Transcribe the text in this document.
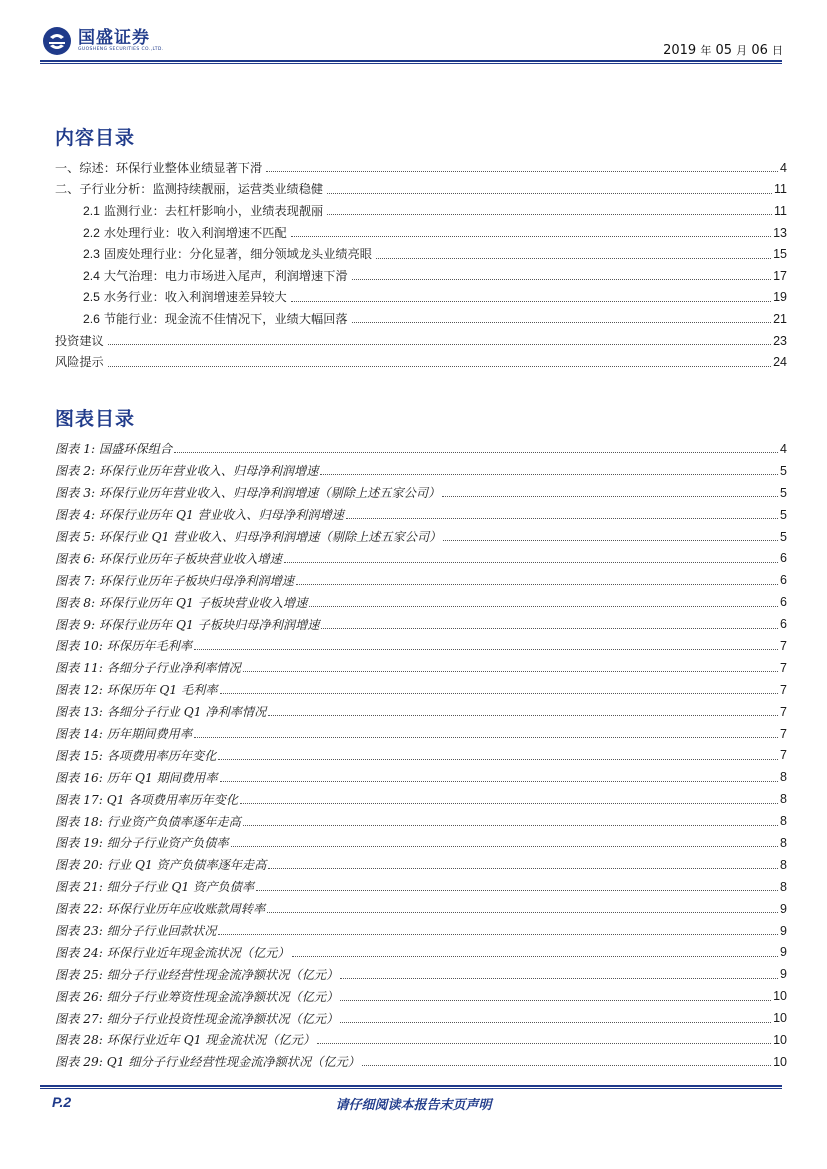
国盛证券
GUOSHENG SECURITIES CO.,LTD.	2019 年 05 月 06 日
内容目录
一、综述：环保行业整体业绩显著下滑	4
二、子行业分析：监测持续靓丽，运营类业绩稳健	11
2.1 监测行业：去杠杆影响小，业绩表现靓丽	11
2.2 水处理行业：收入利润增速不匹配	13
2.3 固废处理行业：分化显著，细分领域龙头业绩亮眼	15
2.4 大气治理：电力市场进入尾声，利润增速下滑	17
2.5 水务行业：收入利润增速差异较大	19
2.6 节能行业：现金流不佳情况下，业绩大幅回落	21
投资建议	23
风险提示	24
图表目录
图表 1: 国盛环保组合	4
图表 2: 环保行业历年营业收入、归母净利润增速	5
图表 3: 环保行业历年营业收入、归母净利润增速（剔除上述五家公司）	5
图表 4: 环保行业历年 Q1 营业收入、归母净利润增速	5
图表 5: 环保行业 Q1 营业收入、归母净利润增速（剔除上述五家公司）	5
图表 6: 环保行业历年子板块营业收入增速	6
图表 7: 环保行业历年子板块归母净利润增速	6
图表 8: 环保行业历年 Q1 子板块营业收入增速	6
图表 9: 环保行业历年 Q1 子板块归母净利润增速	6
图表 10: 环保历年毛利率	7
图表 11: 各细分子行业净利率情况	7
图表 12: 环保历年 Q1 毛利率	7
图表 13: 各细分子行业 Q1 净利率情况	7
图表 14: 历年期间费用率	7
图表 15: 各项费用率历年变化	7
图表 16: 历年 Q1 期间费用率	8
图表 17: Q1 各项费用率历年变化	8
图表 18: 行业资产负债率逐年走高	8
图表 19: 细分子行业资产负债率	8
图表 20: 行业 Q1 资产负债率逐年走高	8
图表 21: 细分子行业 Q1 资产负债率	8
图表 22: 环保行业历年应收账款周转率	9
图表 23: 细分子行业回款状况	9
图表 24: 环保行业近年现金流状况（亿元）	9
图表 25: 细分子行业经营性现金流净额状况（亿元）	9
图表 26: 细分子行业筹资性现金流净额状况（亿元）	10
图表 27: 细分子行业投资性现金流净额状况（亿元）	10
图表 28: 环保行业近年 Q1 现金流状况（亿元）	10
图表 29: Q1 细分子行业经营性现金流净额状况（亿元）	10
P.2	请仔细阅读本报告末页声明
